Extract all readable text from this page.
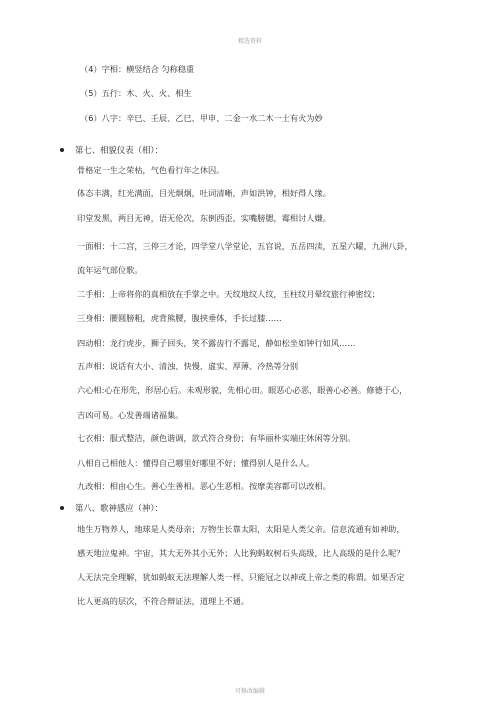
精选资料
（4）字相：横竖结合 匀称稳重
（5）五行：木、火、火、相生
（6）八字：辛巳、壬辰、乙巳、甲申、二金一水二木一土有火为妙
第七、相貌仪表（相）：
骨格定一生之荣枯，气色看行年之休囚。
体态丰满，红光满面，目光炯炯，吐词清晰，声如洪钟，相好得人缘。
印堂发黑，两目无神，语无伦次，东倒西歪，实嘴膀腮，霉相讨人嫌。
一面相：十二宫，三停三才论，四学堂八学堂论，五官说，五岳四渎，五星六曜，九洲八卦，
流年运气部位歌。
二手相：上帝将你的真相放在手掌之中。天纹地纹人纹，玉柱纹月晕纹旅行神密纹；
三身相：腰圆膀粗，虎背熊腰，腹挟垂体，手长过膝……
四动相：龙行虎步，狮子回头，笑不露齿行不露足，静如松坐如钟行如风……
五声相：说话有大小、清浊、快慢、虚实、厚薄、冷热等分别
六心相:心在形先，形居心后。未观形貌，先相心田。眼恶心必恶，眼善心必善。修德于心，
吉凶可易。心发善端诸福集。
七衣相：服式整洁，颜色谐调，款式符合身份；有华丽朴实端庄休闲等分别。
八相自己相他人：懂得自己哪里好哪里不好；懂得别人是什么人。
九改相：相由心生。善心生善相。恶心生恶相。按摩美容都可以改相。
第八、歌神感应（神）：
地生万物养人，地球是人类母亲；万物生长靠太阳，太阳是人类父亲。信息流通有如神助，
感天地泣鬼神。宇宙，其大无外其小无外；人比狗蚂蚁树石头高级，比人高级的是什么呢？
人无法完全理解，犹如蚂蚁无法理解人类一样，只能冠之以神或上帝之类的称谓。如果否定
比人更高的层次，不符合辩证法，道理上不通。
可修改编辑
